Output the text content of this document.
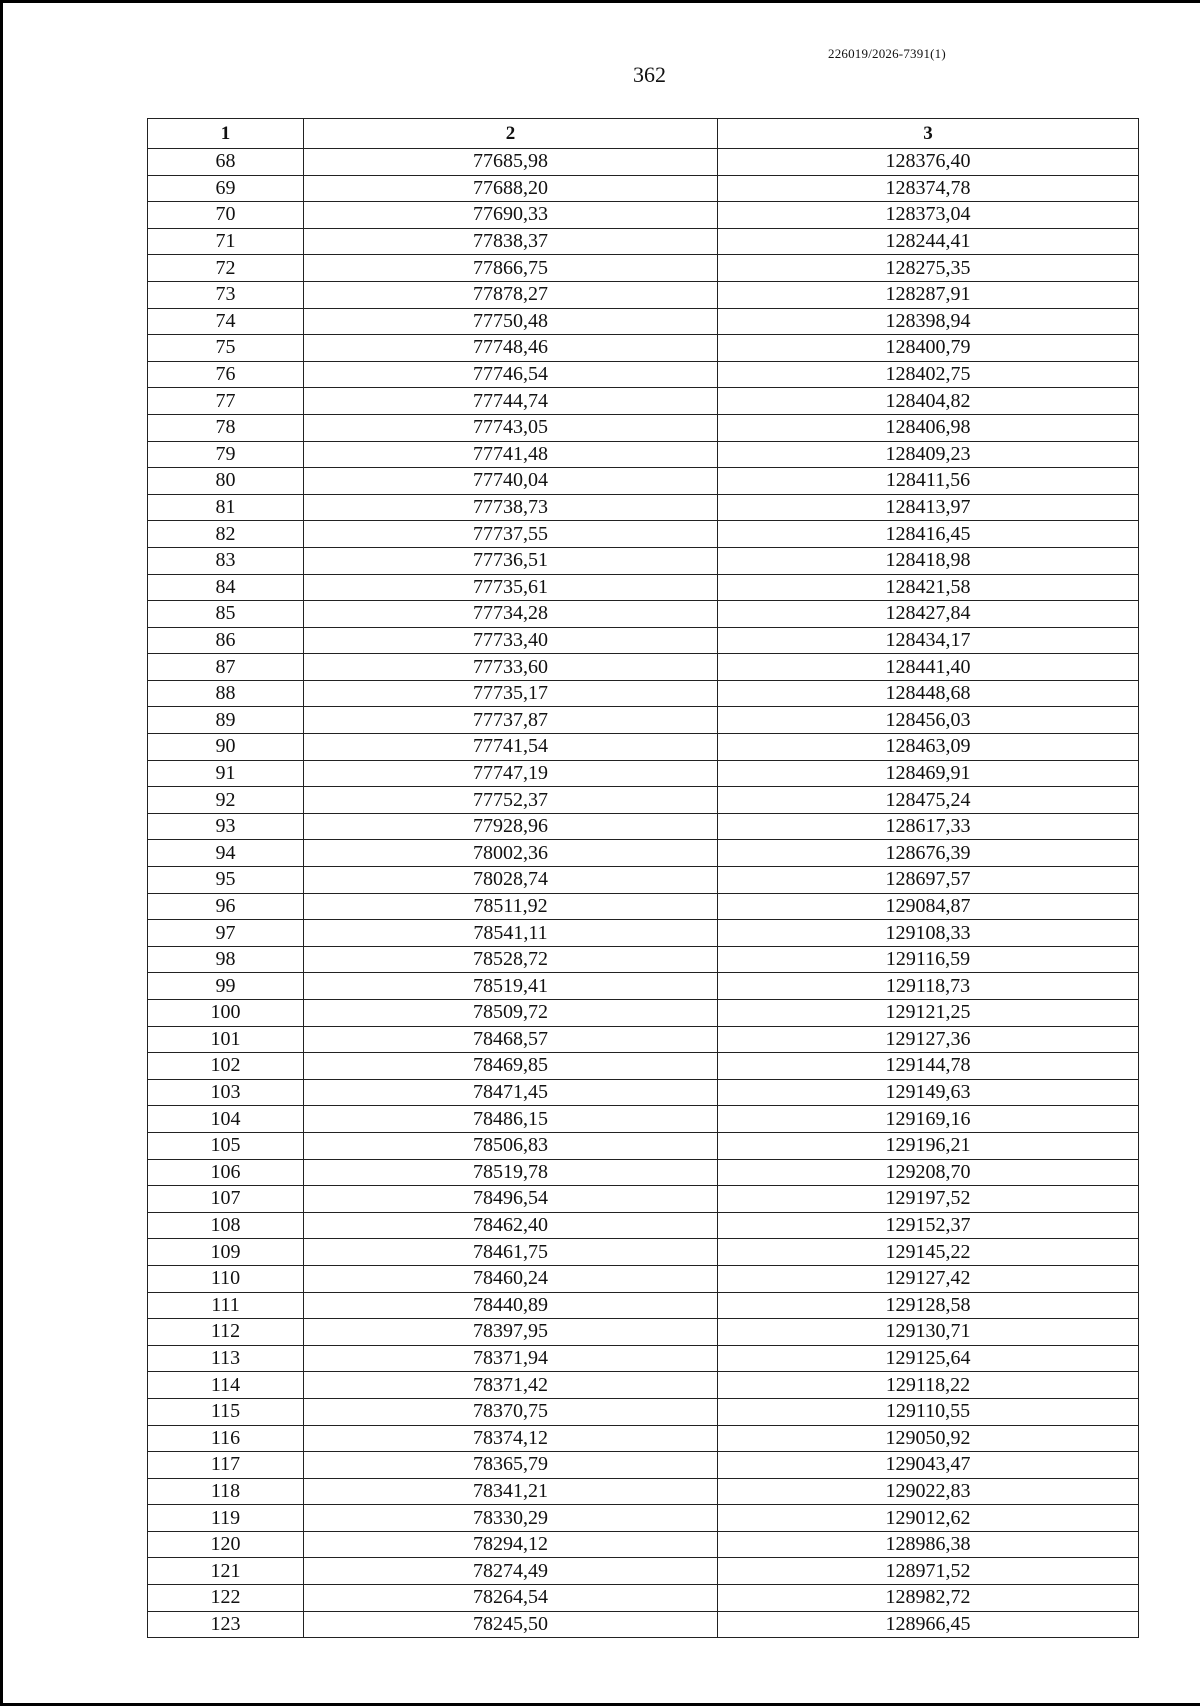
226019/2026-7391(1)
362
1	2	3
68	77685,98	128376,40
69	77688,20	128374,78
70	77690,33	128373,04
71	77838,37	128244,41
72	77866,75	128275,35
73	77878,27	128287,91
74	77750,48	128398,94
75	77748,46	128400,79
76	77746,54	128402,75
77	77744,74	128404,82
78	77743,05	128406,98
79	77741,48	128409,23
80	77740,04	128411,56
81	77738,73	128413,97
82	77737,55	128416,45
83	77736,51	128418,98
84	77735,61	128421,58
85	77734,28	128427,84
86	77733,40	128434,17
87	77733,60	128441,40
88	77735,17	128448,68
89	77737,87	128456,03
90	77741,54	128463,09
91	77747,19	128469,91
92	77752,37	128475,24
93	77928,96	128617,33
94	78002,36	128676,39
95	78028,74	128697,57
96	78511,92	129084,87
97	78541,11	129108,33
98	78528,72	129116,59
99	78519,41	129118,73
100	78509,72	129121,25
101	78468,57	129127,36
102	78469,85	129144,78
103	78471,45	129149,63
104	78486,15	129169,16
105	78506,83	129196,21
106	78519,78	129208,70
107	78496,54	129197,52
108	78462,40	129152,37
109	78461,75	129145,22
110	78460,24	129127,42
111	78440,89	129128,58
112	78397,95	129130,71
113	78371,94	129125,64
114	78371,42	129118,22
115	78370,75	129110,55
116	78374,12	129050,92
117	78365,79	129043,47
118	78341,21	129022,83
119	78330,29	129012,62
120	78294,12	128986,38
121	78274,49	128971,52
122	78264,54	128982,72
123	78245,50	128966,45
